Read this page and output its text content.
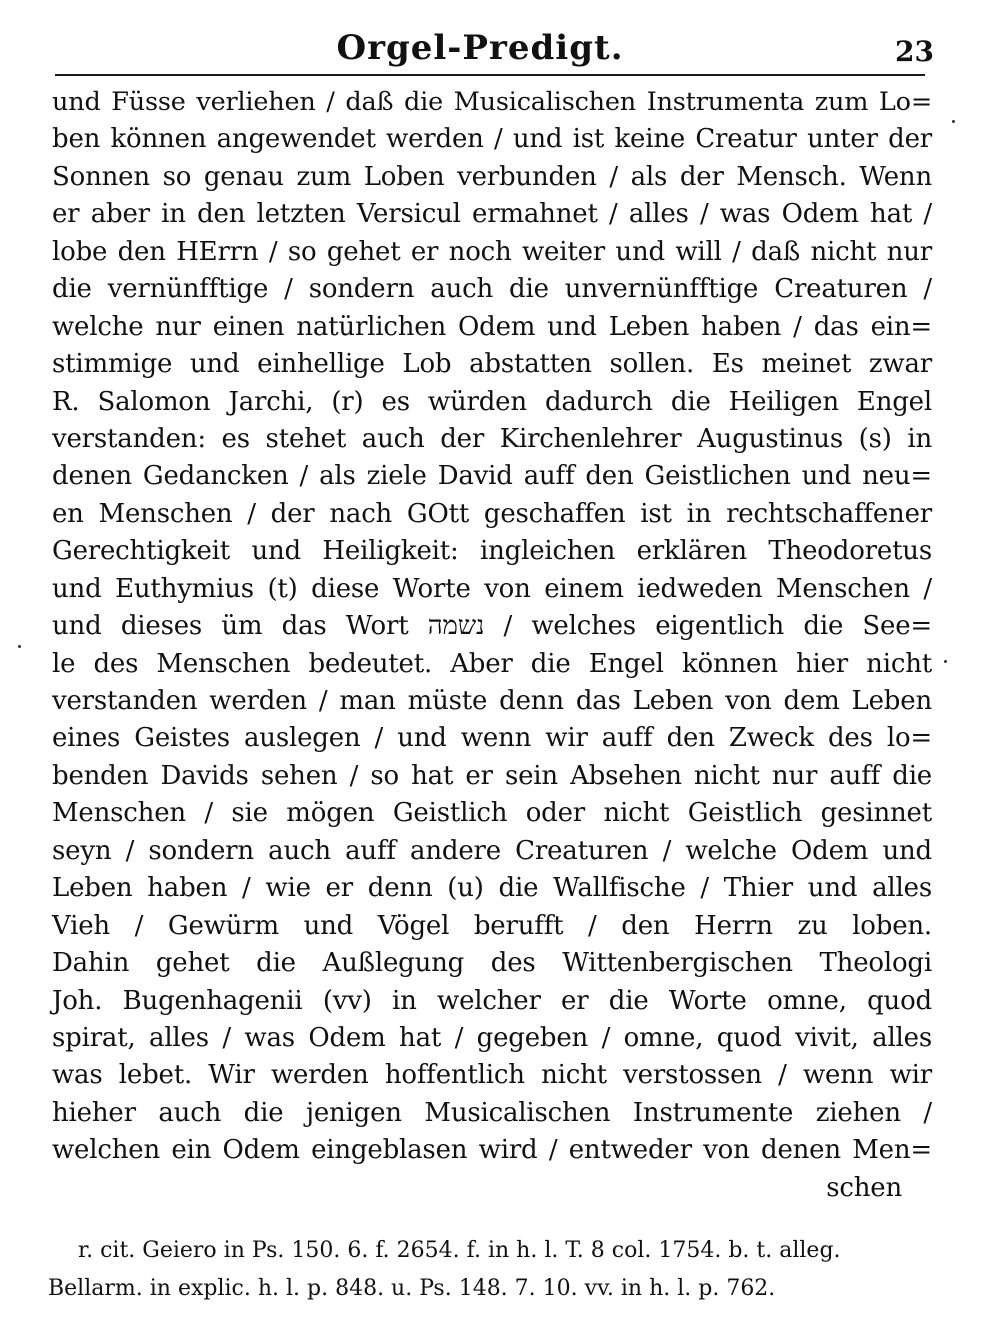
Orgel-Predigt.	23
und Füsse verliehen / daß die Musicalischen Instrumenta zum Lo=
ben können angewendet werden / und ist keine Creatur unter der
Sonnen so genau zum Loben verbunden / als der Mensch. Wenn
er aber in den letzten Versicul ermahnet / alles / was Odem hat /
lobe den HErrn / so gehet er noch weiter und will / daß nicht nur
die vernünfftige / sondern auch die unvernünfftige Creaturen /
welche nur einen natürlichen Odem und Leben haben / das ein=
stimmige und einhellige Lob abstatten sollen. Es meinet zwar
R. Salomon Jarchi, (r) es würden dadurch die Heiligen Engel
verstanden: es stehet auch der Kirchenlehrer Augustinus (s) in
denen Gedancken / als ziele David auff den Geistlichen und neu=
en Menschen / der nach GOtt geschaffen ist in rechtschaffener
Gerechtigkeit und Heiligkeit: ingleichen erklären Theodoretus
und Euthymius (t) diese Worte von einem iedweden Menschen /
und dieses üm das Wort נשמה / welches eigentlich die See=
le des Menschen bedeutet. Aber die Engel können hier nicht
verstanden werden / man müste denn das Leben von dem Leben
eines Geistes auslegen / und wenn wir auff den Zweck des lo=
benden Davids sehen / so hat er sein Absehen nicht nur auff die
Menschen / sie mögen Geistlich oder nicht Geistlich gesinnet
seyn / sondern auch auff andere Creaturen / welche Odem und
Leben haben / wie er denn (u) die Wallfische / Thier und alles
Vieh / Gewürm und Vögel berufft / den Herrn zu loben.
Dahin gehet die Außlegung des Wittenbergischen Theologi
Joh. Bugenhagenii (vv) in welcher er die Worte omne, quod
spirat, alles / was Odem hat / gegeben / omne, quod vivit, alles
was lebet. Wir werden hoffentlich nicht verstossen / wenn wir
hieher auch die jenigen Musicalischen Instrumente ziehen /
welchen ein Odem eingeblasen wird / entweder von denen Men=
schen
r. cit. Geiero in Ps. 150. 6. f. 2654. f. in h. l. T. 8 col. 1754. b. t. alleg.
Bellarm. in explic. h. l. p. 848. u. Ps. 148. 7. 10. vv. in h. l. p. 762.
